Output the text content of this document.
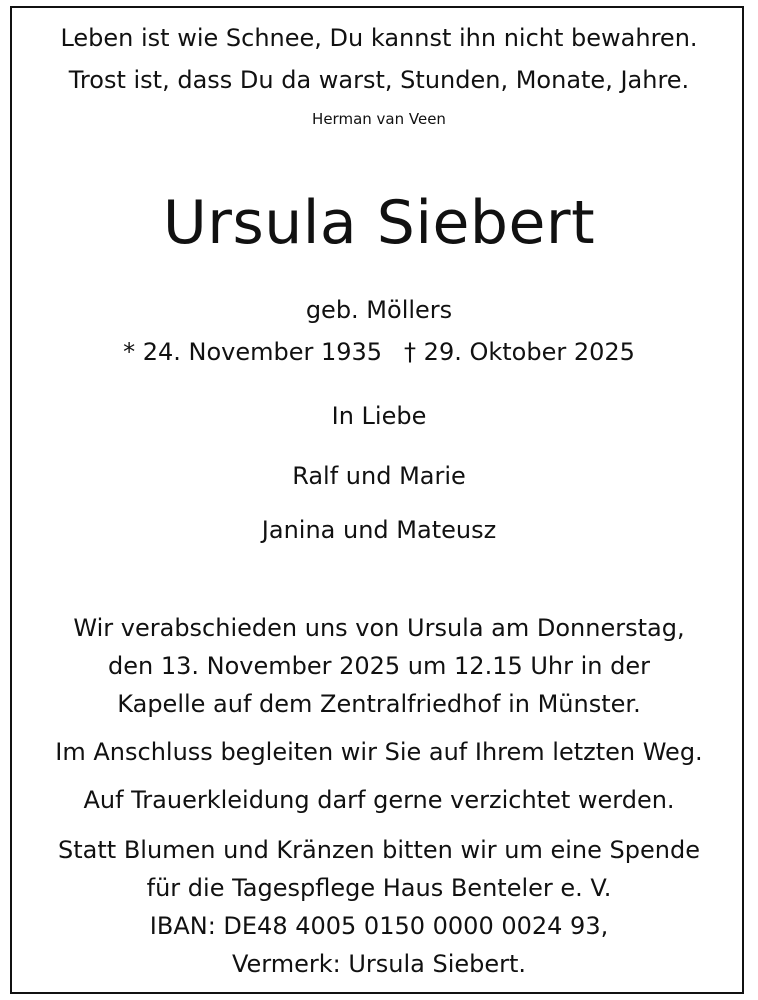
Leben ist wie Schnee, Du kannst ihn nicht bewahren.
Trost ist, dass Du da warst, Stunden, Monate, Jahre.
Herman van Veen
Ursula Siebert
geb. Möllers
* 24. November 1935 † 29. Oktober 2025
In Liebe
Ralf und Marie
Janina und Mateusz
Wir verabschieden uns von Ursula am Donnerstag,
den 13. November 2025 um 12.15 Uhr in der
Kapelle auf dem Zentralfriedhof in Münster.
Im Anschluss begleiten wir Sie auf Ihrem letzten Weg.
Auf Trauerkleidung darf gerne verzichtet werden.
Statt Blumen und Kränzen bitten wir um eine Spende
für die Tagespflege Haus Benteler e. V.
IBAN: DE48 4005 0150 0000 0024 93,
Vermerk: Ursula Siebert.
